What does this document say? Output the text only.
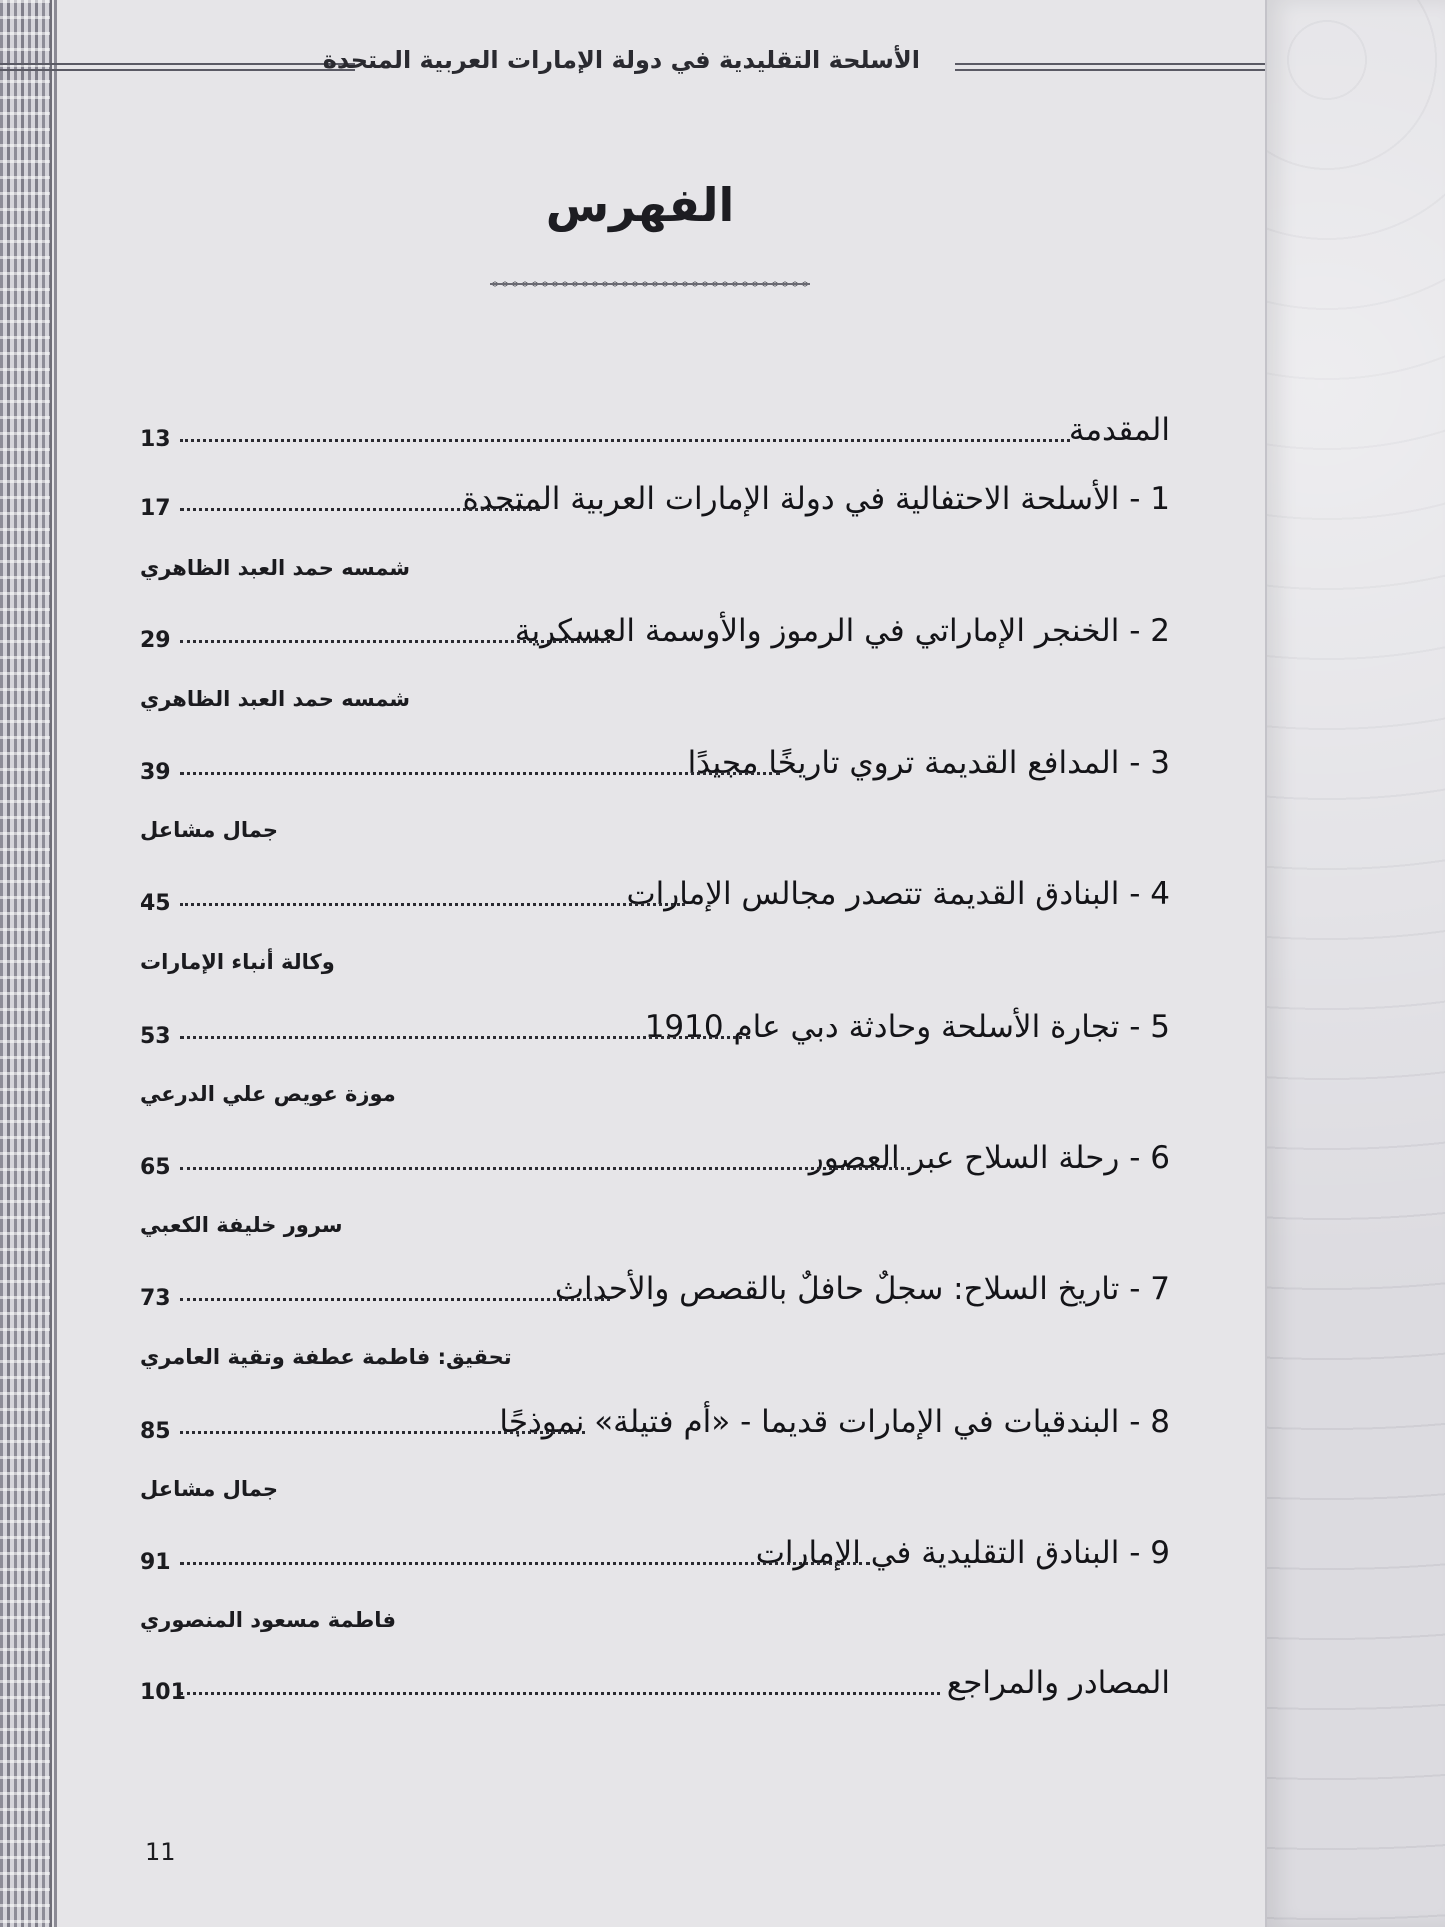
الأسلحة التقليدية في دولة الإمارات العربية المتحدة
الفهرس
المقدمة
13
1 - الأسلحة الاحتفالية في دولة الإمارات العربية المتحدة
17
شمسه حمد العبد الظاهري
2 - الخنجر الإماراتي في الرموز والأوسمة العسكرية
29
شمسه حمد العبد الظاهري
3 - المدافع القديمة تروي تاريخًا مجيدًا
39
جمال مشاعل
4 - البنادق القديمة تتصدر مجالس الإمارات
45
وكالة أنباء الإمارات
5 - تجارة الأسلحة وحادثة دبي عام 1910
53
موزة عويص علي الدرعي
6 - رحلة السلاح عبر العصور
65
سرور خليفة الكعبي
7 - تاريخ السلاح: سجلٌ حافلٌ بالقصص والأحداث
73
تحقيق: فاطمة عطفة وتقية العامري
8 - البندقيات في الإمارات قديما - «أم فتيلة» نموذجًا
85
جمال مشاعل
9 - البنادق التقليدية في الإمارات
91
فاطمة مسعود المنصوري
المصادر والمراجع
101
11
